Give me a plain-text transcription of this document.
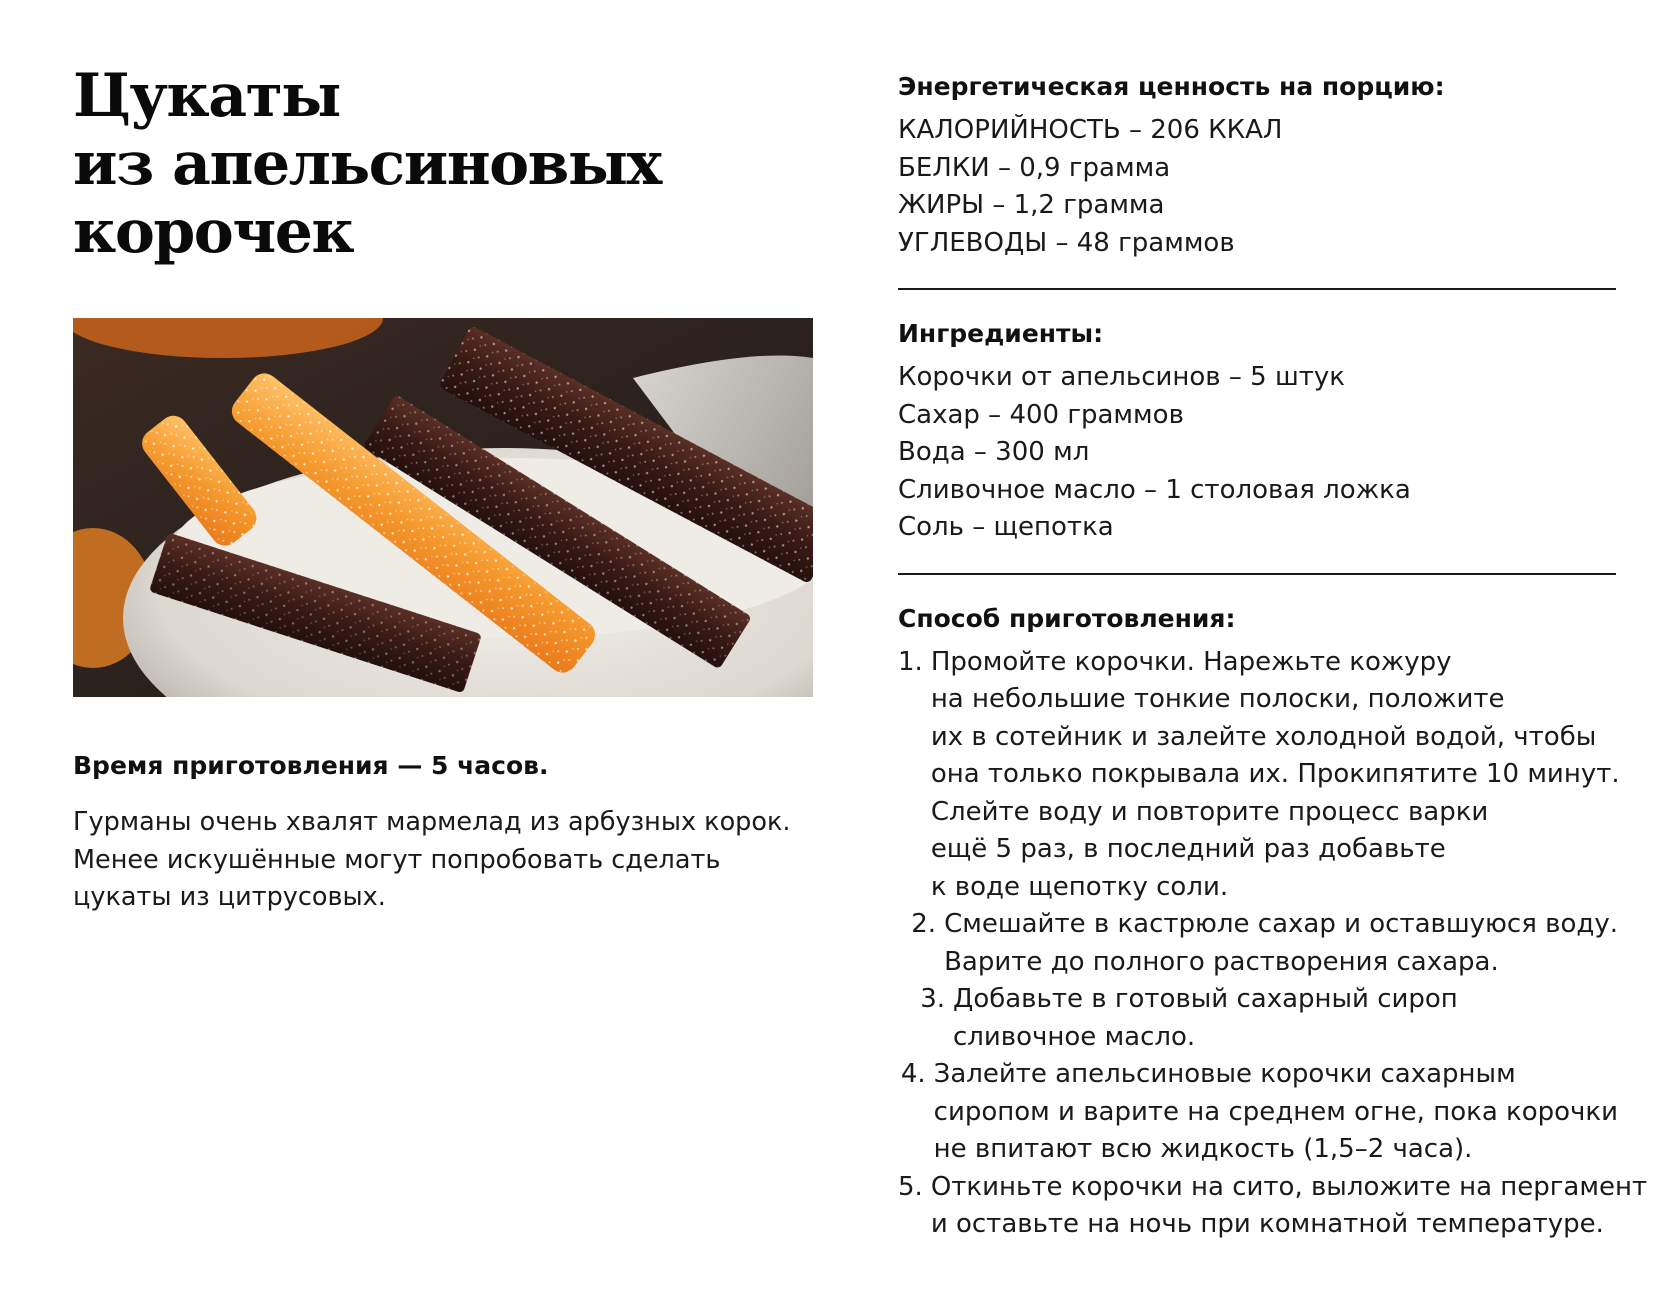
Цукаты
из апельсиновых
корочек

Время приготовления — 5 часов.

Гурманы очень хвалят мармелад из арбузных корок.
Менее искушённые могут попробовать сделать
цукаты из цитрусовых.
Энергетическая ценность на порцию:
КАЛОРИЙНОСТЬ – 206 ККАЛ
БЕЛКИ – 0,9 грамма
ЖИРЫ – 1,2 грамма
УГЛЕВОДЫ – 48 граммов
Ингредиенты:
Корочки от апельсинов – 5 штук
Сахар – 400 граммов
Вода – 300 мл
Сливочное масло – 1 столовая ложка
Соль – щепотка
Способ приготовления:
1. Промойте корочки. Нарежьте кожуру
на небольшие тонкие полоски, положите
их в сотейник и залейте холодной водой, чтобы
она только покрывала их. Прокипятите 10 минут.
Слейте воду и повторите процесс варки
ещё 5 раз, в последний раз добавьте
к воде щепотку соли.
2. Смешайте в кастрюле сахар и оставшуюся воду.
Варите до полного растворения сахара.
3. Добавьте в готовый сахарный сироп
сливочное масло.
4. Залейте апельсиновые корочки сахарным
сиропом и варите на среднем огне, пока корочки
не впитают всю жидкость (1,5–2 часа).
5. Откиньте корочки на сито, выложите на пергамент
и оставьте на ночь при комнатной температуре.
